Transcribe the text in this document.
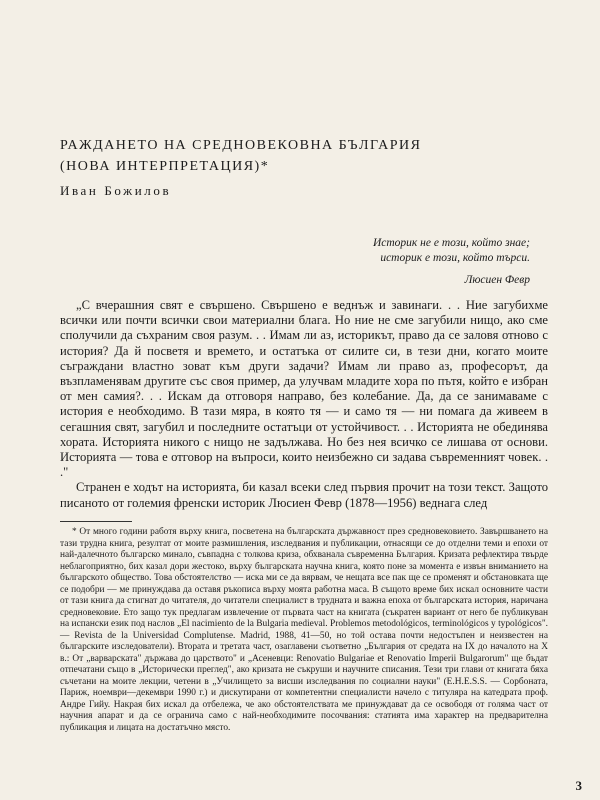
РАЖДАНЕТО НА СРЕДНОВЕКОВНА БЪЛГАРИЯ
(НОВА ИНТЕРПРЕТАЦИЯ)*
Иван Божилов
Историк не е този, който знае;
историк е този, който търси.
Люсиен Февр

„С вчерашния свят е свършено. Свършено е веднъж и завинаги. . . Ние загубихме всички или почти всички свои материални блага. Но ние не сме загубили нищо, ако сме сполучили да съхраним своя разум. . . Имам ли аз, историкът, право да се заловя отново с история? Да й посветя и времето, и остатъка от силите си, в тези дни, когато моите съграждани властно зоват към други задачи? Имам ли право аз, професорът, да възпламенявам другите със своя пример, да улучвам младите хора по пътя, който е избран от мен самия?. . . Искам да отговоря направо, без колебание. Да, да се занимаваме с история е необходимо. В тази мяра, в която тя — и само тя — ни помага да живеем в сегашния свят, загубил и последните остатъци от устойчивост. . . Историята не обединява хората. Историята никого с нищо не задължава. Но без нея всичко се лишава от основи. Историята — това е отговор на въпроси, които неизбежно си задава съвременният човек. . ."

Странен е ходът на историята, би казал всеки след първия прочит на този текст. Защото писаното от големия френски историк Люсиен Февр (1878—1956) веднага след

* От много години работя върху книга, посветена на българската държавност през средновековието. Завършването на тази трудна книга, резултат от моите размишления, изследвания и публикации, отнасящи се до отделни теми и епохи от най-далечното българско минало, съвпадна с толкова криза, обхванала съвременна България. Кризата рефлектира твърде неблагоприятно, бих казал дори жестоко, върху българската научна книга, която поне за момента е извън вниманието на българското общество. Това обстоятелство — иска ми се да вярвам, че нещата все пак ще се променят и обстановката ще се подобри — ме принуждава да оставя ръкописа върху моята работна маса. В същото време бих искал основните части от тази книга да стигнат до читателя, до читатели специалист в трудната и важна епоха от българската история, наричана средновековие. Ето защо тук предлагам извлечение от първата част на книгата (съкратен вариант от него бе публикуван на испански език под наслов „El nacimiento de la Bulgaria medieval. Problemos metodológicos, terminológicos y typológicos". — Revista de la Universidad Complutense. Madrid, 1988, 41—50, но той остава почти недостъпен и неизвестен на българските изследователи). Втората и третата част, озаглавени съответно „България от средата на IX до началото на X в.: От „варварската" държава до царството" и „Асеневци: Renovatio Bulgariae et Renovatio Imperii Bulgarorum" ще бъдат отпечатани също в „Исторически преглед", ако кризата не съкруши и научните списания. Тези три глави от книгата бяха съчетани на моите лекции, четени в „Училището за висши изследвания по социални науки" (E.H.E.S.S. — Сорбоната, Париж, ноември—декември 1990 г.) и дискутирани от компетентни специалисти начело с титуляра на катедрата проф. Андре Гийу. Накрая бих искал да отбележа, че ако обстоятелствата ме принуждават да се освободя от голяма част от научния апарат и да се огранича само с най-необходимите посочвания: статията има характер на предварителна публикация и лицата на достатъчно място.

3
